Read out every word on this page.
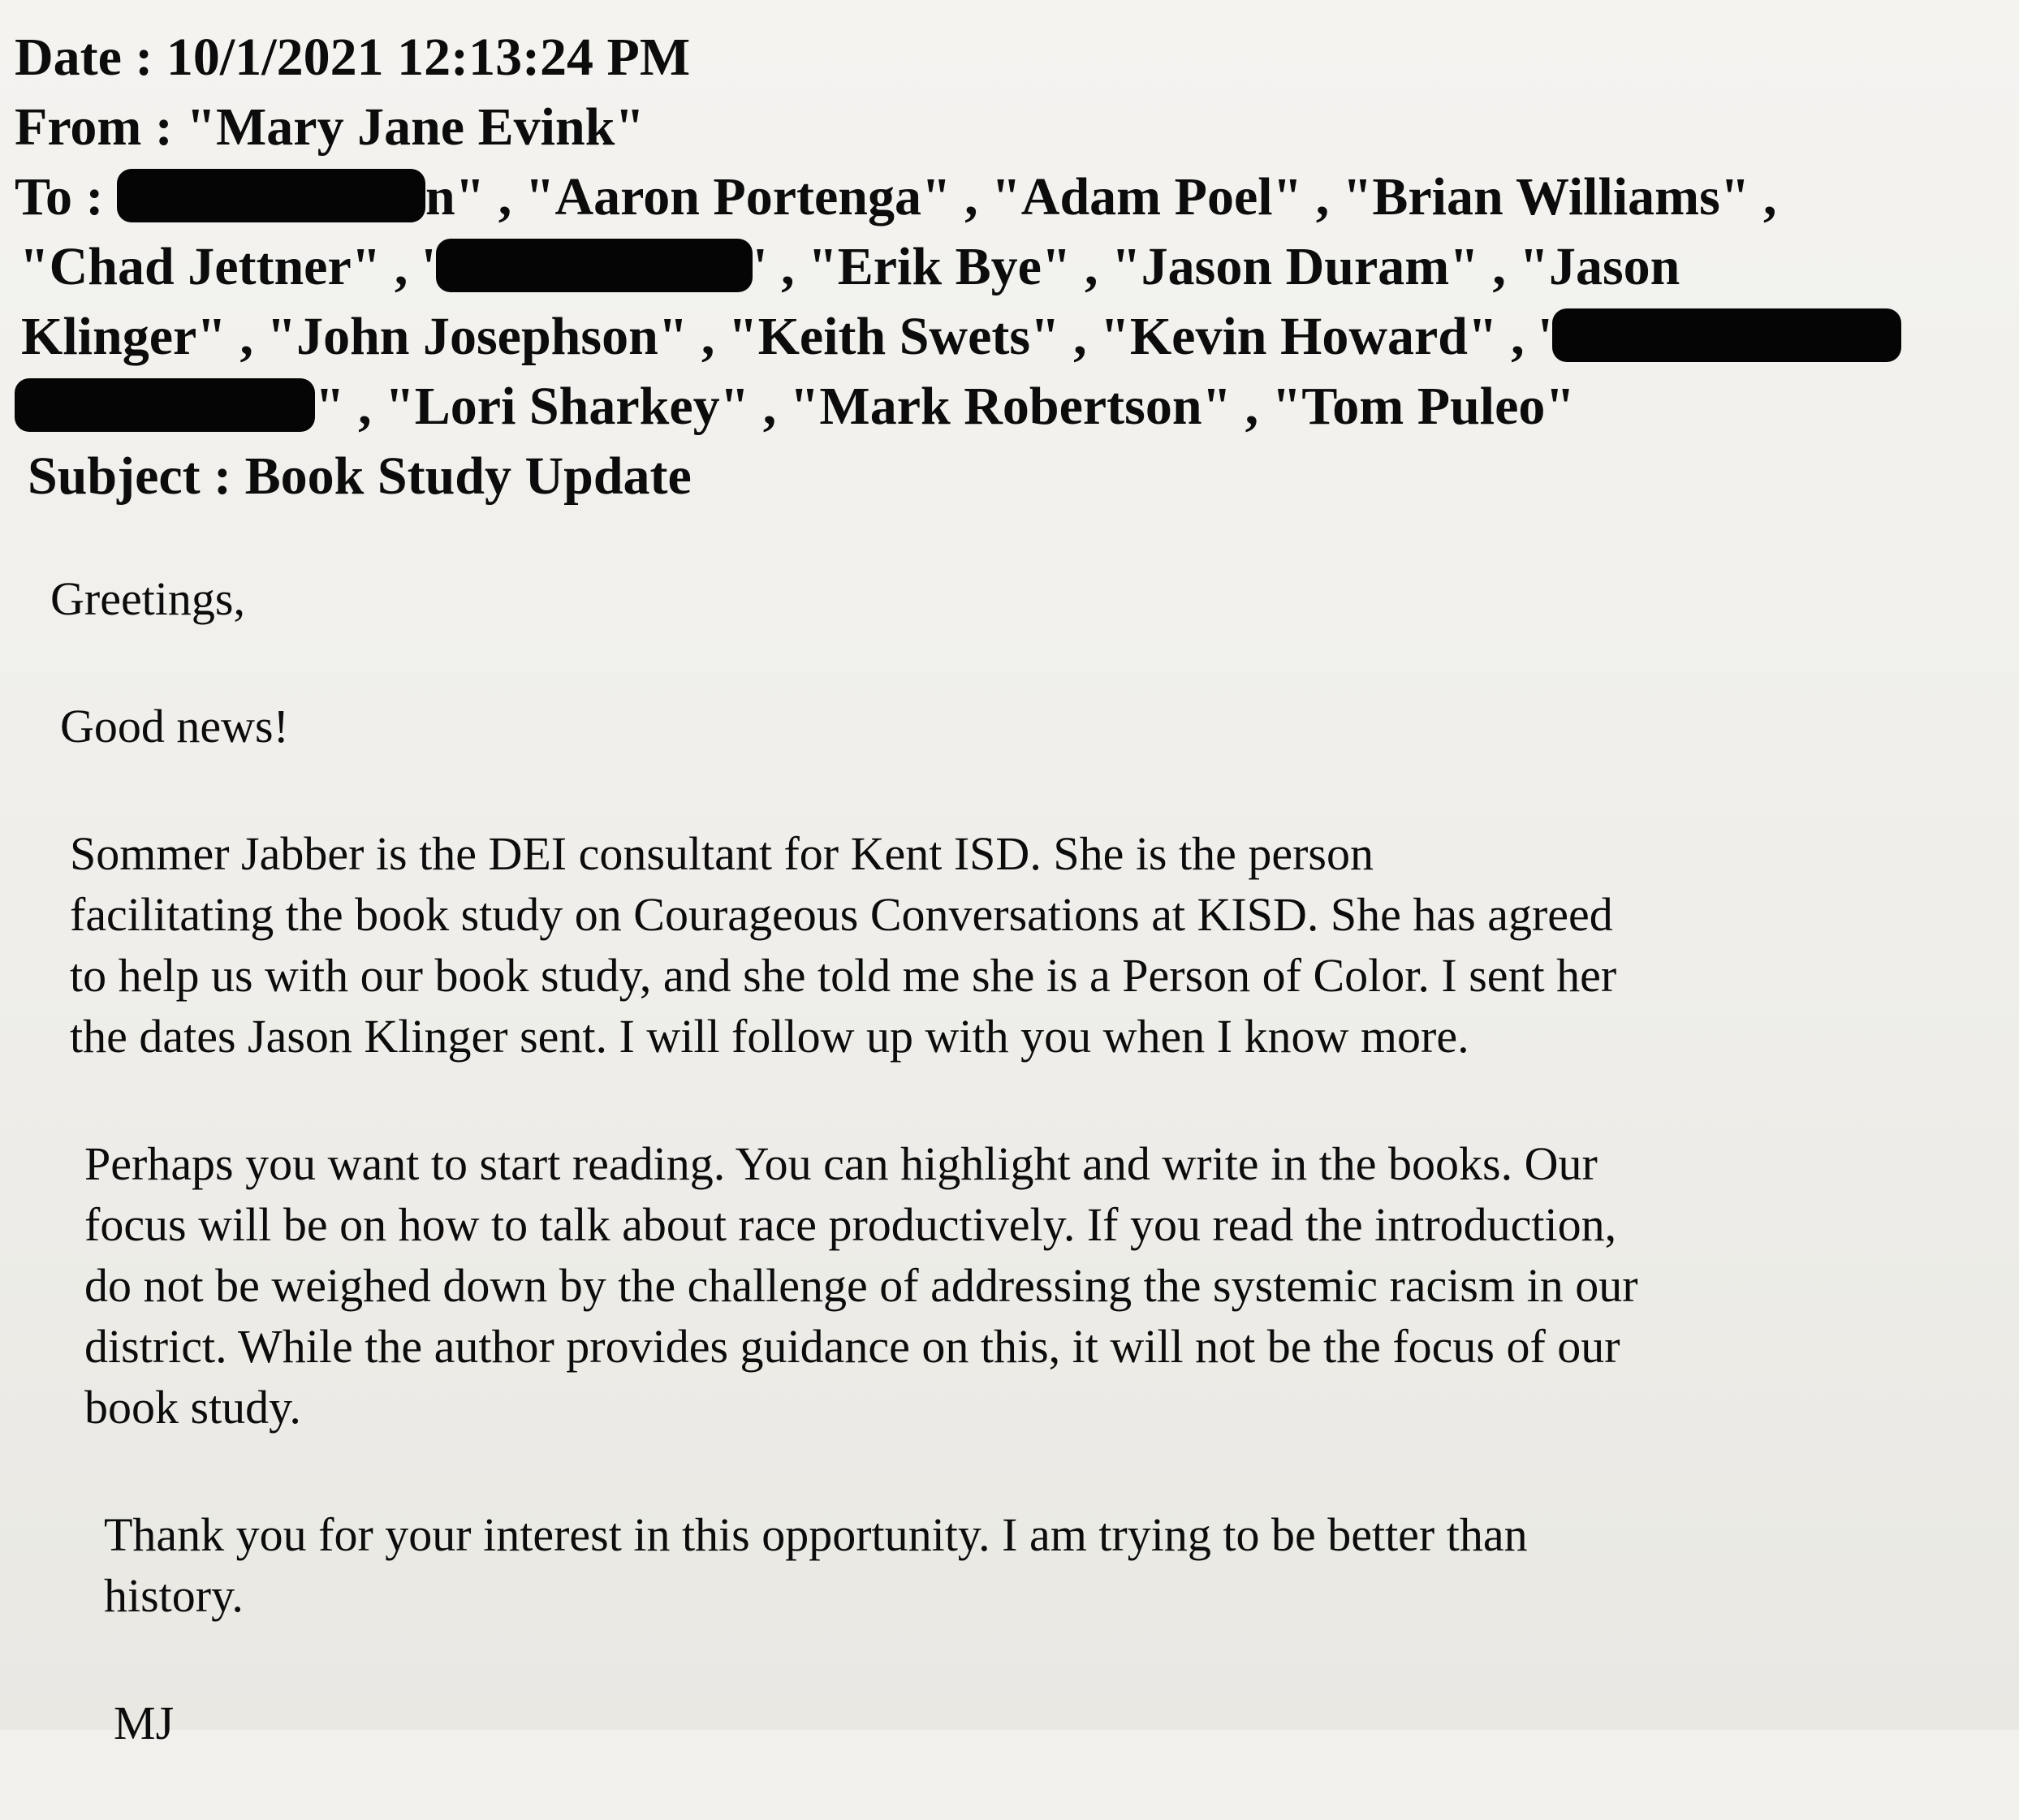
Date : 10/1/2021 12:13:24 PM
From : "Mary Jane Evink"
To :	n" , "Aaron Portenga" , "Adam Poel" , "Brian Williams" ,
"Chad Jettner" , '	' , "Erik Bye" , "Jason Duram" , "Jason
Klinger" , "John Josephson" , "Keith Swets" , "Kevin Howard" , '
" , "Lori Sharkey" , "Mark Robertson" , "Tom Puleo"
Subject : Book Study Update

Greetings,

Good news!

Sommer Jabber is the DEI consultant for Kent ISD. She is the person
facilitating the book study on Courageous Conversations at KISD. She has agreed
to help us with our book study, and she told me she is a Person of Color. I sent her
the dates Jason Klinger sent. I will follow up with you when I know more.

Perhaps you want to start reading. You can highlight and write in the books. Our
focus will be on how to talk about race productively. If you read the introduction,
do not be weighed down by the challenge of addressing the systemic racism in our
district. While the author provides guidance on this, it will not be the focus of our
book study.

Thank you for your interest in this opportunity. I am trying to be better than
history.

MJ
